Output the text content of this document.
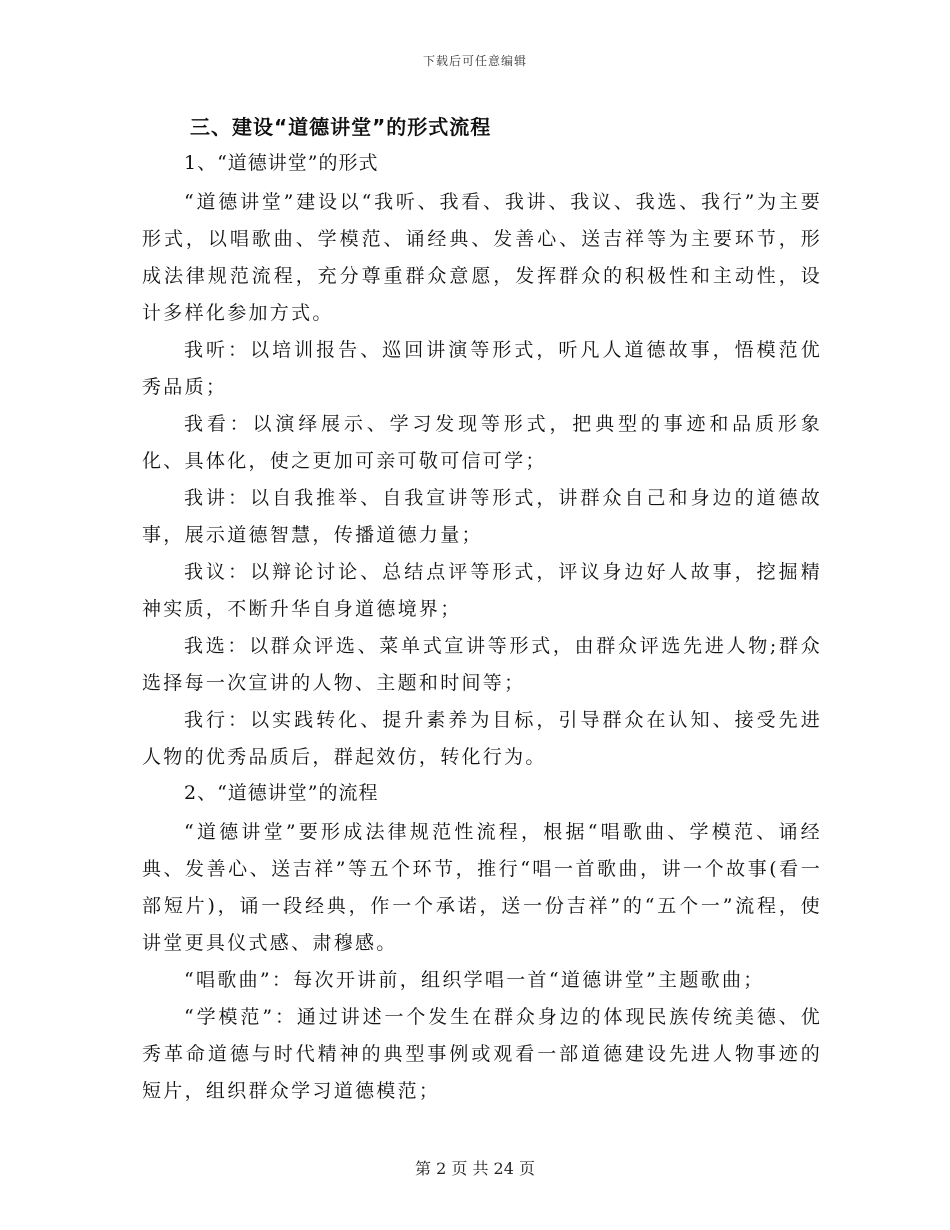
下载后可任意编辑
三、建设“道德讲堂”的形式流程
1、“道德讲堂”的形式

“道德讲堂”建设以“我听、我看、我讲、我议、我选、我行”为主要形式，以唱歌曲、学模范、诵经典、发善心、送吉祥等为主要环节，形成法律规范流程，充分尊重群众意愿，发挥群众的积极性和主动性，设计多样化参加方式。

我听：以培训报告、巡回讲演等形式，听凡人道德故事，悟模范优秀品质；

我看：以演绎展示、学习发现等形式，把典型的事迹和品质形象化、具体化，使之更加可亲可敬可信可学；

我讲：以自我推举、自我宣讲等形式，讲群众自己和身边的道德故事，展示道德智慧，传播道德力量；

我议：以辩论讨论、总结点评等形式，评议身边好人故事，挖掘精神实质，不断升华自身道德境界；

我选：以群众评选、菜单式宣讲等形式，由群众评选先进人物;群众选择每一次宣讲的人物、主题和时间等；

我行：以实践转化、提升素养为目标，引导群众在认知、接受先进人物的优秀品质后，群起效仿，转化行为。

2、“道德讲堂”的流程

“道德讲堂”要形成法律规范性流程，根据“唱歌曲、学模范、诵经典、发善心、送吉祥”等五个环节，推行“唱一首歌曲，讲一个故事(看一部短片)，诵一段经典，作一个承诺，送一份吉祥”的“五个一”流程，使讲堂更具仪式感、肃穆感。

“唱歌曲”：每次开讲前，组织学唱一首“道德讲堂”主题歌曲；

“学模范”：通过讲述一个发生在群众身边的体现民族传统美德、优秀革命道德与时代精神的典型事例或观看一部道德建设先进人物事迹的短片，组织群众学习道德模范；

第 2 页 共 24 页
